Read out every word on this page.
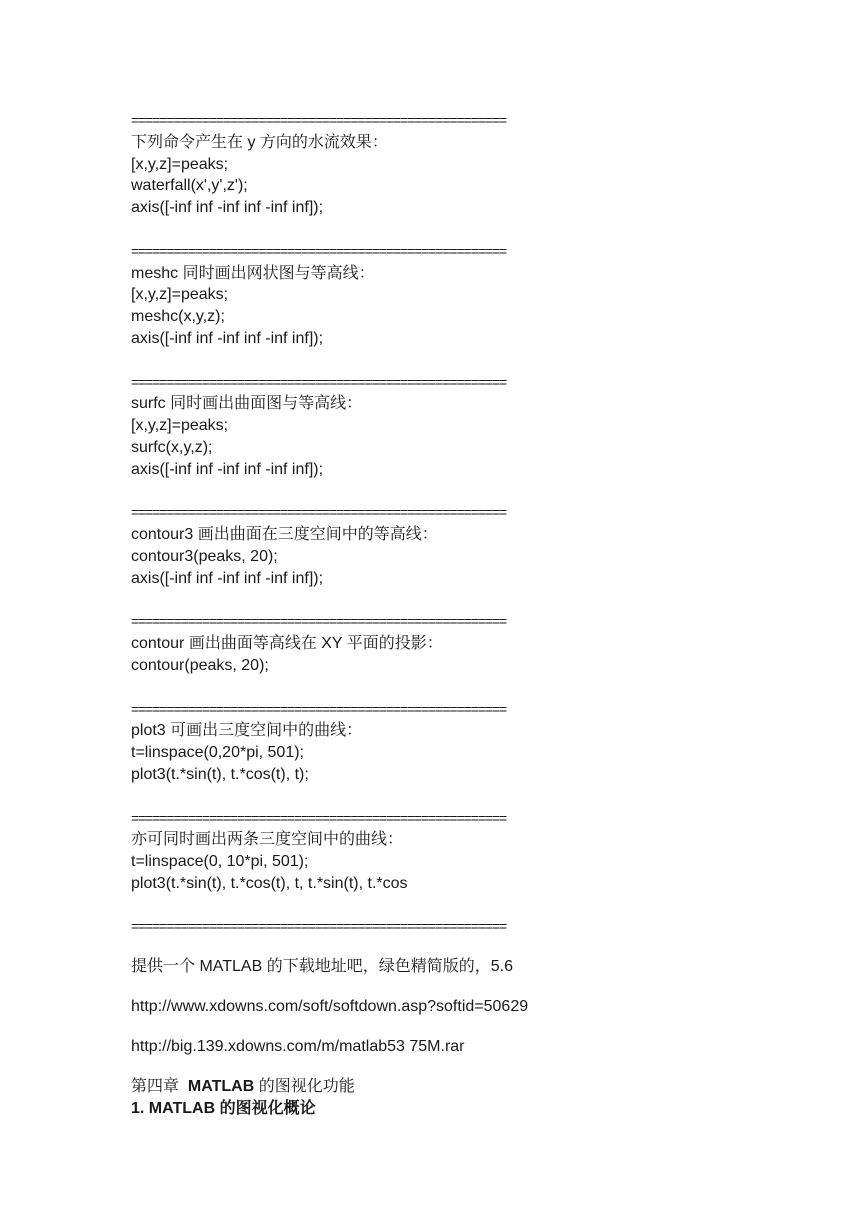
=====================================================
下列命令产生在 y 方向的水流效果：
[x,y,z]=peaks;
waterfall(x',y',z');
axis([-inf inf -inf inf -inf inf]);
=====================================================
meshc 同时画出网状图与等高线：
[x,y,z]=peaks;
meshc(x,y,z);
axis([-inf inf -inf inf -inf inf]);
=====================================================
surfc 同时画出曲面图与等高线：
[x,y,z]=peaks;
surfc(x,y,z);
axis([-inf inf -inf inf -inf inf]);
=====================================================
contour3 画出曲面在三度空间中的等高线：
contour3(peaks, 20);
axis([-inf inf -inf inf -inf inf]);
=====================================================
contour 画出曲面等高线在 XY 平面的投影：
contour(peaks, 20);
=====================================================
plot3 可画出三度空间中的曲线：
t=linspace(0,20*pi, 501);
plot3(t.*sin(t), t.*cos(t), t);
=====================================================
亦可同时画出两条三度空间中的曲线：
t=linspace(0, 10*pi, 501);
plot3(t.*sin(t), t.*cos(t), t, t.*sin(t), t.*cos
=====================================================
提供一个 MATLAB 的下载地址吧，绿色精简版的，5.6
http://www.xdowns.com/soft/softdown.asp?softid=50629
http://big.139.xdowns.com/m/matlab53 75M.rar
第四章 MATLAB 的图视化功能
1. MATLAB 的图视化概论
